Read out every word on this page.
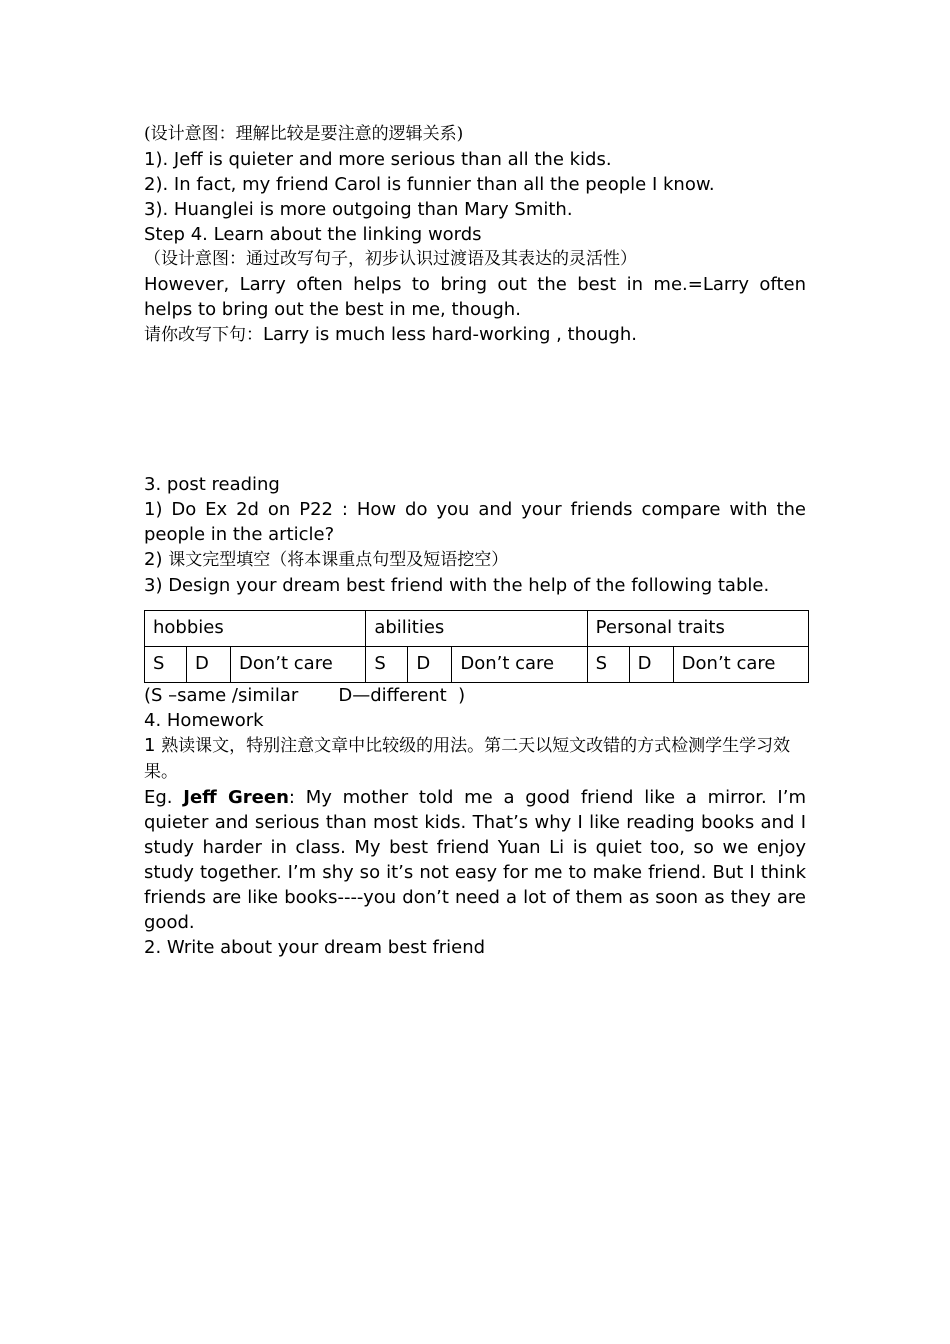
(设计意图：理解比较是要注意的逻辑关系)
1). Jeff is quieter and more serious than all the kids.
2). In fact, my friend Carol is funnier than all the people I know.
3). Huanglei is more outgoing than Mary Smith.
Step 4. Learn about the linking words
（设计意图：通过改写句子，初步认识过渡语及其表达的灵活性）
However, Larry often helps to bring out the best in me.=Larry often helps to bring out the best in me, though.
请你改写下句：Larry is much less hard-working , though.
3. post reading
1) Do Ex 2d on P22 : How do you and your friends compare with the people in the article?
2) 课文完型填空（将本课重点句型及短语挖空）
3) Design your dream best friend with the help of the following table.
hobbies			abilities			Personal traits		
S	D	Don’t care	S	D	Don’t care	S	D	Don’t care
(S –same /similar       D—different  )
4. Homework
1 熟读课文，特别注意文章中比较级的用法。第二天以短文改错的方式检测学生学习效果。
Eg. Jeff Green: My mother told me a good friend like a mirror. I’m quieter and serious than most kids. That’s why I like reading books and I study harder in class. My best friend Yuan Li is quiet too, so we enjoy study together. I’m shy so it’s not easy for me to make friend. But I think friends are like books----you don’t need a lot of them as soon as they are good.
2. Write about your dream best friend
